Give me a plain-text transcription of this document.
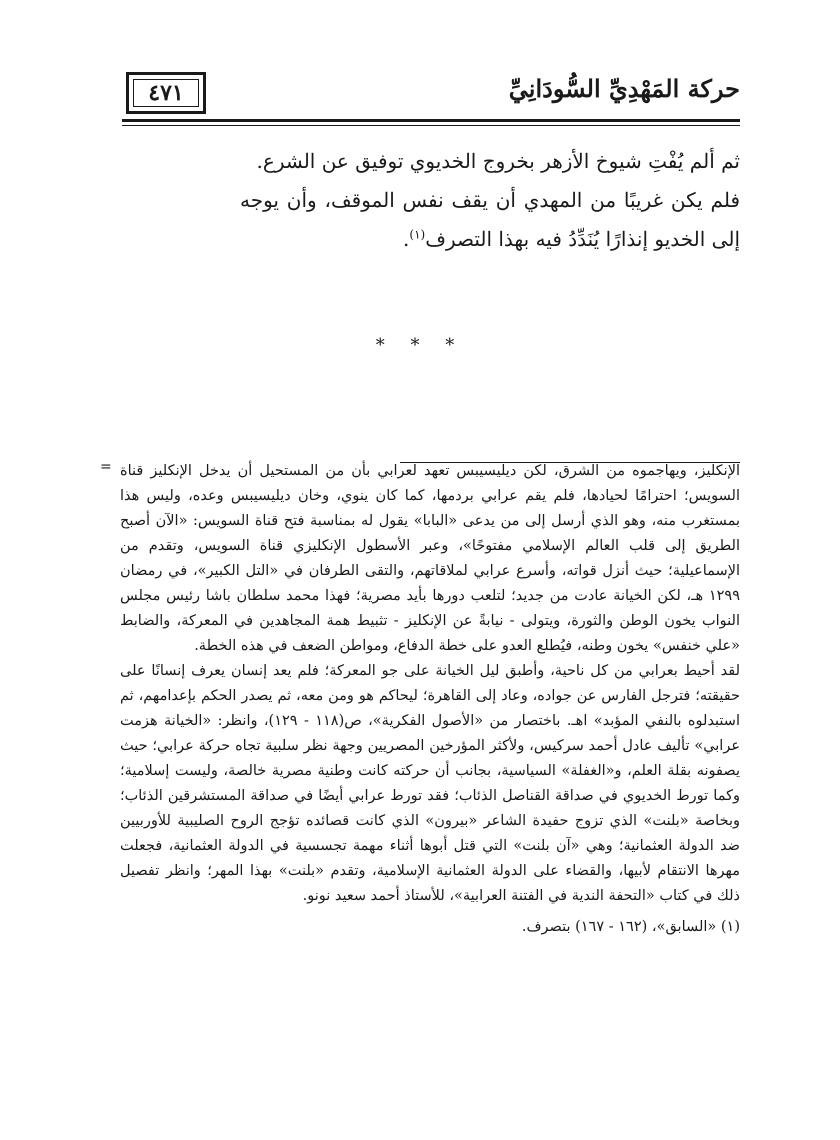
حركة المَهْدِيِّ السُّودَانِيِّ
٤٧١

ثم ألم يُفْتِ شيوخ الأزهر بخروج الخديوي توفيق عن الشرع.

فلم يكن غريبًا من المهدي أن يقف نفس الموقف، وأن يوجه إلى الخديو إنذارًا يُنَدِّدُ فيه بهذا التصرف$^{(١)}$.

* * *
= الإنكليز، ويهاجموه من الشرق، لكن ديليسيبس تعهد لعرابي بأن من المستحيل أن يدخل الإنكليز قناة السويس؛ احترامًا لحيادها، فلم يقم عرابي بردمها، كما كان ينوي، وخان ديليسيبس وعده، وليس هذا بمستغرب منه، وهو الذي أرسل إلى من يدعى «البابا» يقول له بمناسبة فتح قناة السويس: «الآن أصبح الطريق إلى قلب العالم الإسلامي مفتوحًا»، وعبر الأسطول الإنكليزي قناة السويس، وتقدم من الإسماعيلية؛ حيث أنزل قواته، وأسرع عرابي لملاقاتهم، والتقى الطرفان في «التل الكبير»، في رمضان ١٢٩٩ هـ، لكن الخيانة عادت من جديد؛ لتلعب دورها بأيد مصرية؛ فهذا محمد سلطان باشا رئيس مجلس النواب يخون الوطن والثورة، ويتولى - نيابةً عن الإنكليز - تثبيط همة المجاهدين في المعركة، والضابط «علي خنفس» يخون وطنه، فيُطلع العدو على خطة الدفاع، ومواطن الضعف في هذه الخطة.

لقد أحيط بعرابي من كل ناحية، وأطبق ليل الخيانة على جو المعركة؛ فلم يعد إنسان يعرف إنسانًا على حقيقته؛ فترجل الفارس عن جواده، وعاد إلى القاهرة؛ ليحاكم هو ومن معه، ثم يصدر الحكم بإعدامهم، ثم استبدلوه بالنفي المؤبد» اهـ. باختصار من «الأصول الفكرية»، ص(١١٨ - ١٢٩)، وانظر: «الخيانة هزمت عرابي» تأليف عادل أحمد سركيس، ولأكثر المؤرخين المصريين وجهة نظر سلبية تجاه حركة عرابي؛ حيث يصفونه بقلة العلم، و«الغفلة» السياسية، بجانب أن حركته كانت وطنية مصرية خالصة، وليست إسلامية؛ وكما تورط الخديوي في صداقة القناصل الذئاب؛ فقد تورط عرابي أيضًا في صداقة المستشرقين الذئاب؛ وبخاصة «بلنت» الذي تزوج حفيدة الشاعر «بيرون» الذي كانت قصائده تؤجج الروح الصليبية للأوربيين ضد الدولة العثمانية؛ وهي «آن بلنت» التي قتل أبوها أثناء مهمة تجسسية في الدولة العثمانية، فجعلت مهرها الانتقام لأبيها، والقضاء على الدولة العثمانية الإسلامية، وتقدم «بلنت» بهذا المهر؛ وانظر تفصيل ذلك في كتاب «التحفة الندية في الفتنة العرابية»، للأستاذ أحمد سعيد نونو.

(١) «السابق»، (١٦٢ - ١٦٧) بتصرف.
